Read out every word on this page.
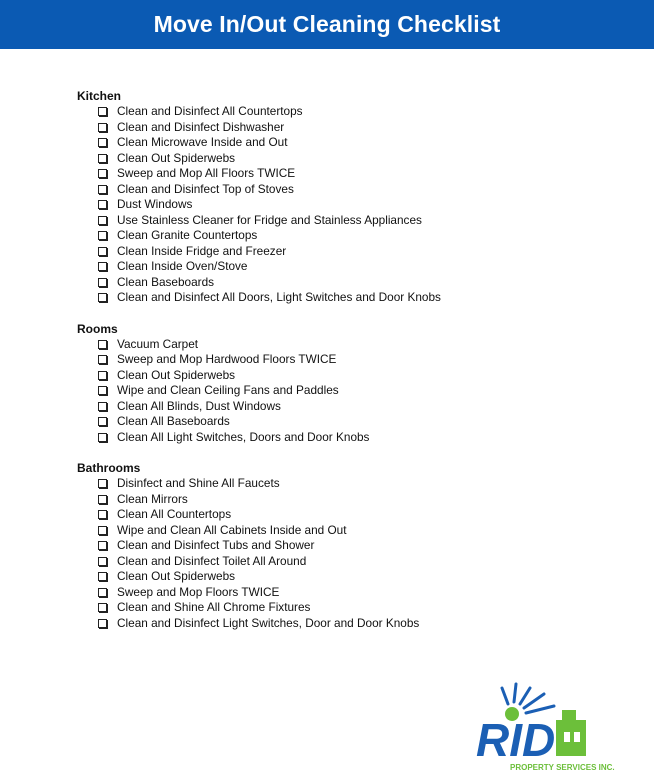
Move In/Out Cleaning Checklist
Kitchen
Clean and Disinfect All Countertops
Clean and Disinfect Dishwasher
Clean Microwave Inside and Out
Clean Out Spiderwebs
Sweep and Mop All Floors TWICE
Clean and Disinfect Top of Stoves
Dust Windows
Use Stainless Cleaner for Fridge and Stainless Appliances
Clean Granite Countertops
Clean Inside Fridge and Freezer
Clean Inside Oven/Stove
Clean Baseboards
Clean and Disinfect All Doors, Light Switches and Door Knobs
Rooms
Vacuum Carpet
Sweep and Mop Hardwood Floors TWICE
Clean Out Spiderwebs
Wipe and Clean Ceiling Fans and Paddles
Clean All Blinds, Dust Windows
Clean All Baseboards
Clean All Light Switches, Doors and Door Knobs
Bathrooms
Disinfect and Shine All Faucets
Clean Mirrors
Clean All Countertops
Wipe and Clean All Cabinets Inside and Out
Clean and Disinfect Tubs and Shower
Clean and Disinfect Toilet All Around
Clean Out Spiderwebs
Sweep and Mop Floors TWICE
Clean and Shine All Chrome Fixtures
Clean and Disinfect Light Switches, Door and Door Knobs
RID
PROPERTY SERVICES INC.
